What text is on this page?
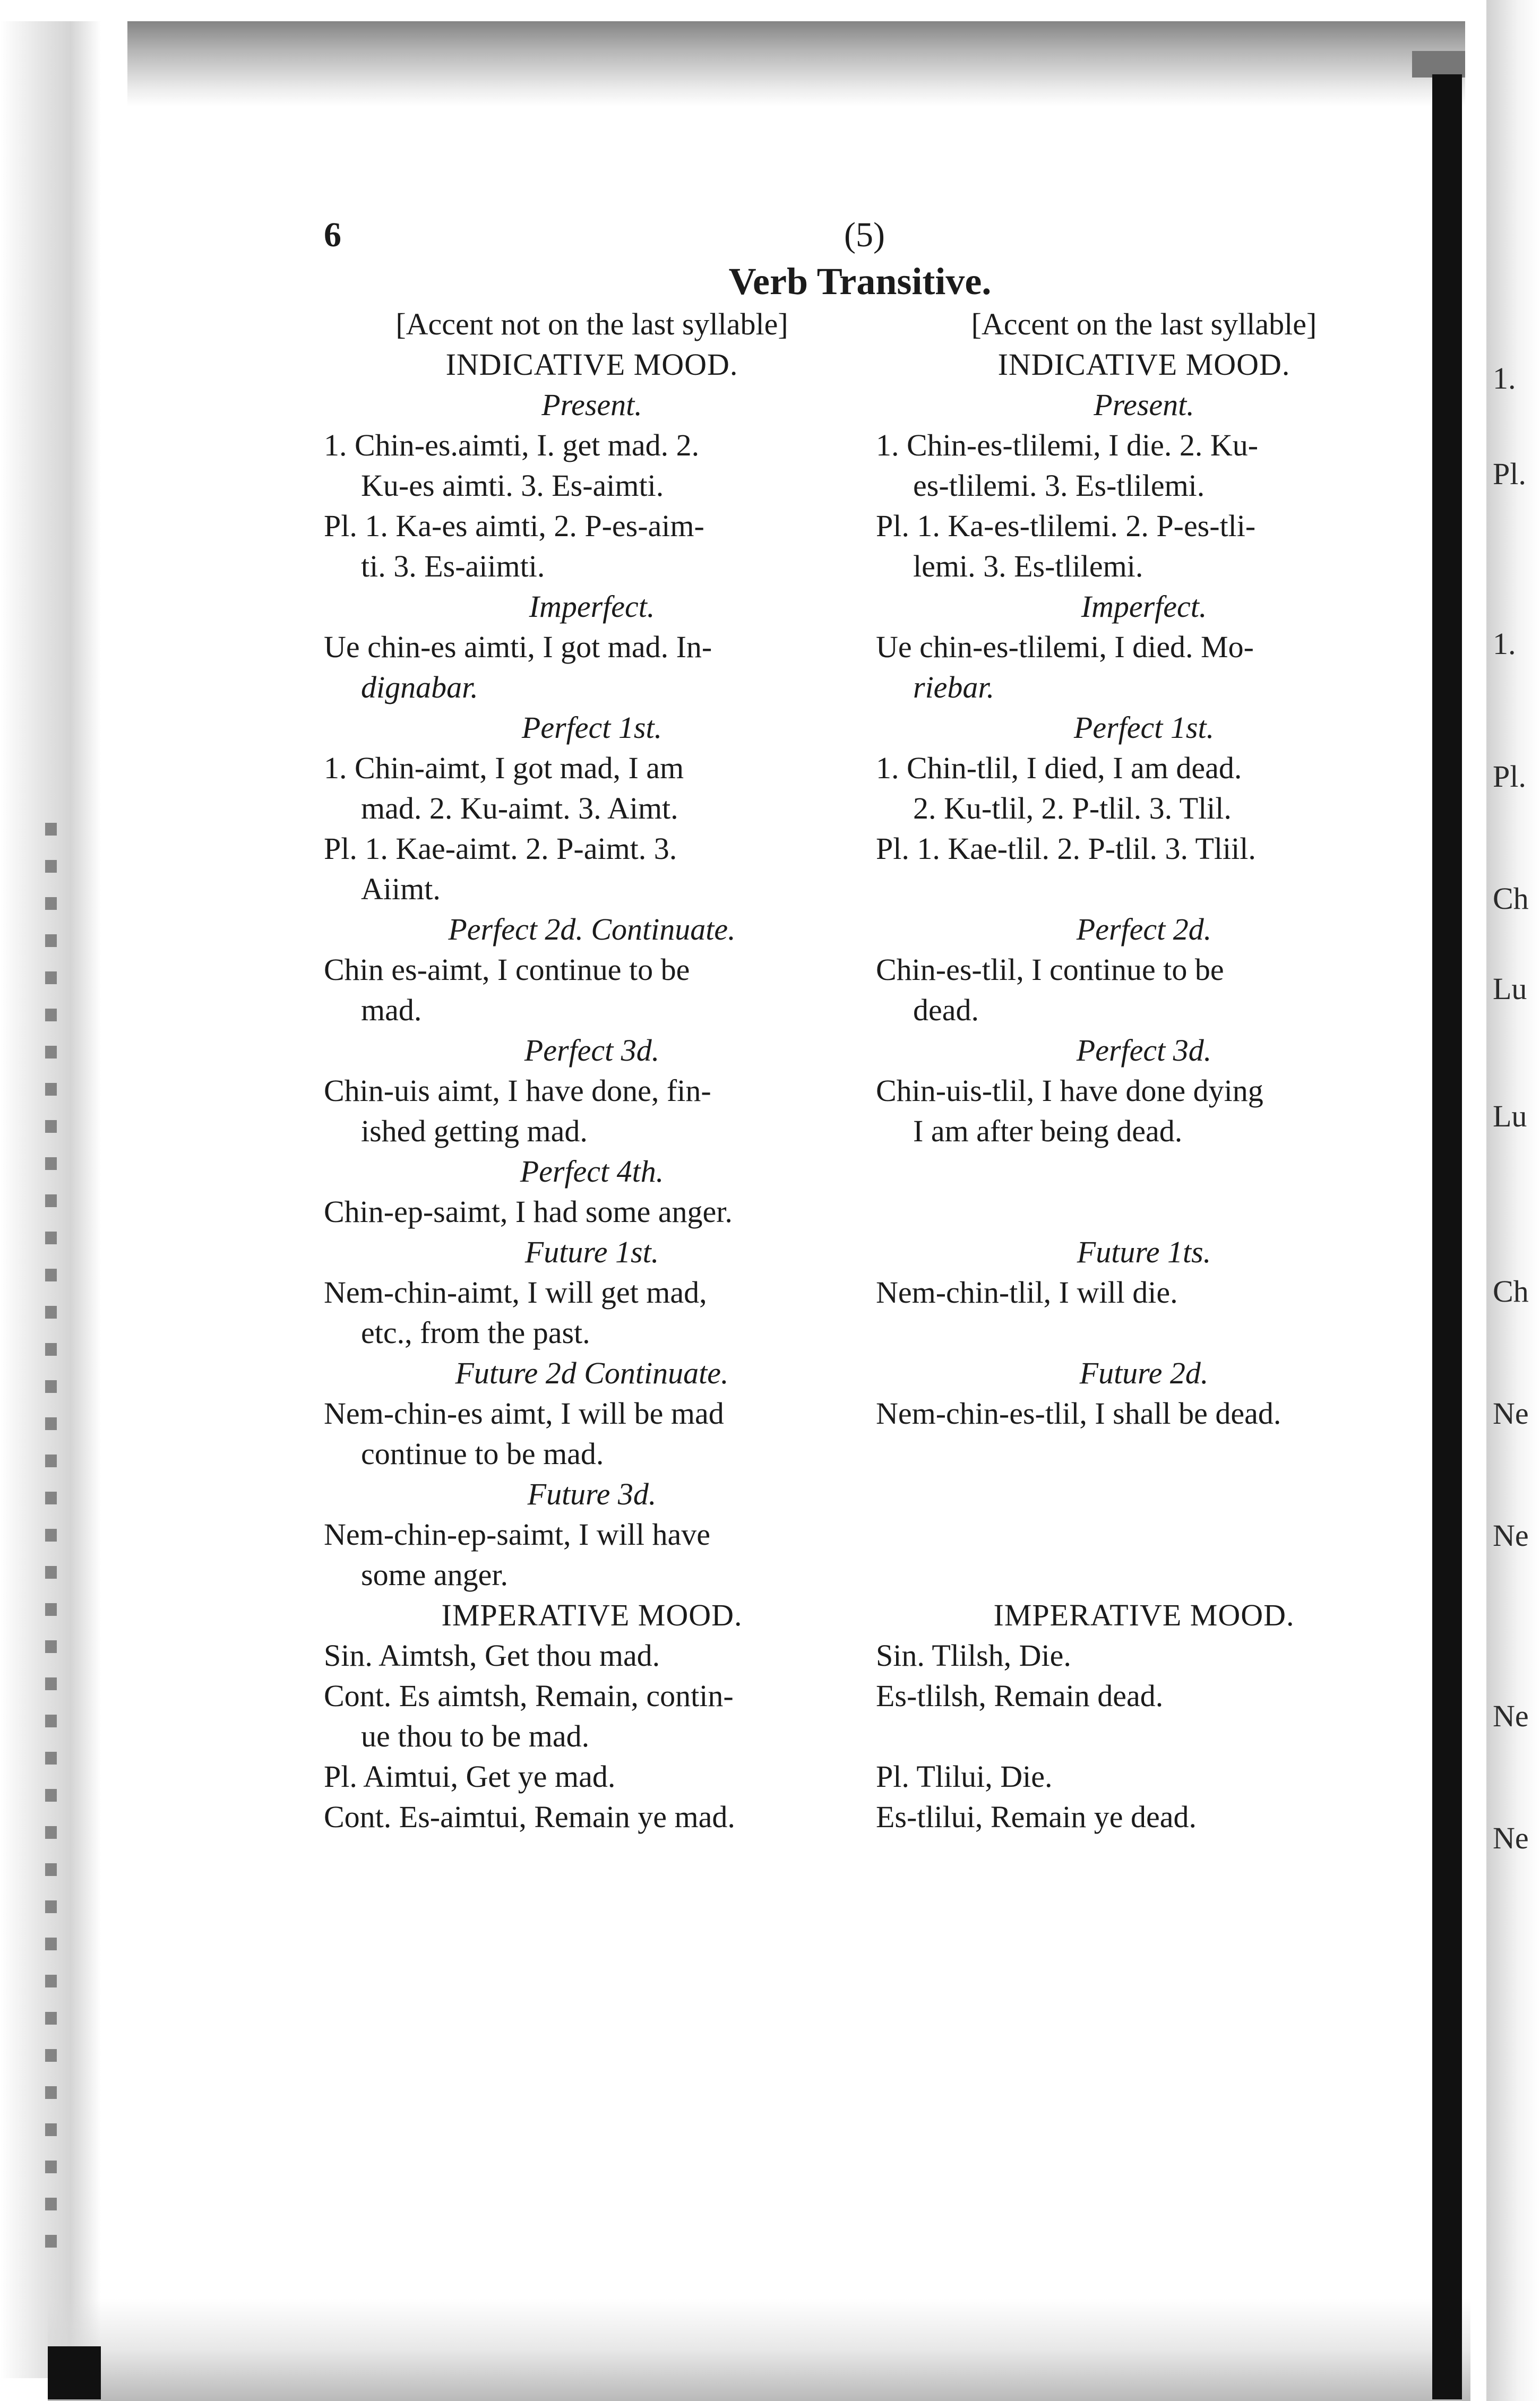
1.
Pl.
1.
Pl.
Ch
Lu
Lu
Ch
Ne
Ne
Ne
Ne
6	(5)
Verb Transitive.
[Accent not on the last syllable]
INDICATIVE MOOD.
Present.
1. Chin-es.aimti, I. get mad. 2.
Ku-es aimti. 3. Es-aimti.
Pl. 1. Ka-es aimti, 2. P-es-aim-
ti. 3. Es-aiimti.
Imperfect.
Ue chin-es aimti, I got mad. In-
dignabar.
Perfect 1st.
1. Chin-aimt, I got mad, I am
mad. 2. Ku-aimt. 3. Aimt.
Pl. 1. Kae-aimt. 2. P-aimt. 3.
Aiimt.
Perfect 2d. Continuate.
Chin es-aimt, I continue to be
mad.
Perfect 3d.
Chin-uis aimt, I have done, fin-
ished getting mad.
Perfect 4th.
Chin-ep-saimt, I had some anger.
Future 1st.
Nem-chin-aimt, I will get mad,
etc., from the past.
Future 2d Continuate.
Nem-chin-es aimt, I will be mad
continue to be mad.
Future 3d.
Nem-chin-ep-saimt, I will have
some anger.
IMPERATIVE MOOD.
Sin. Aimtsh, Get thou mad.
Cont. Es aimtsh, Remain, contin-
ue thou to be mad.
Pl. Aimtui, Get ye mad.
Cont. Es-aimtui, Remain ye mad.
[Accent on the last syllable]
INDICATIVE MOOD.
Present.
1. Chin-es-tlilemi, I die. 2. Ku-
es-tlilemi. 3. Es-tlilemi.
Pl. 1. Ka-es-tlilemi. 2. P-es-tli-
lemi. 3. Es-tlilemi.
Imperfect.
Ue chin-es-tlilemi, I died. Mo-
riebar.
Perfect 1st.
1. Chin-tlil, I died, I am dead.
2. Ku-tlil, 2. P-tlil. 3. Tlil.
Pl. 1. Kae-tlil. 2. P-tlil. 3. Tliil.
Perfect 2d.
Chin-es-tlil, I continue to be
dead.
Perfect 3d.
Chin-uis-tlil, I have done dying
I am after being dead.
Future 1ts.
Nem-chin-tlil, I will die.
Future 2d.
Nem-chin-es-tlil, I shall be dead.
IMPERATIVE MOOD.
Sin. Tlilsh, Die.
Es-tlilsh, Remain dead.
Pl. Tlilui, Die.
Es-tlilui, Remain ye dead.
